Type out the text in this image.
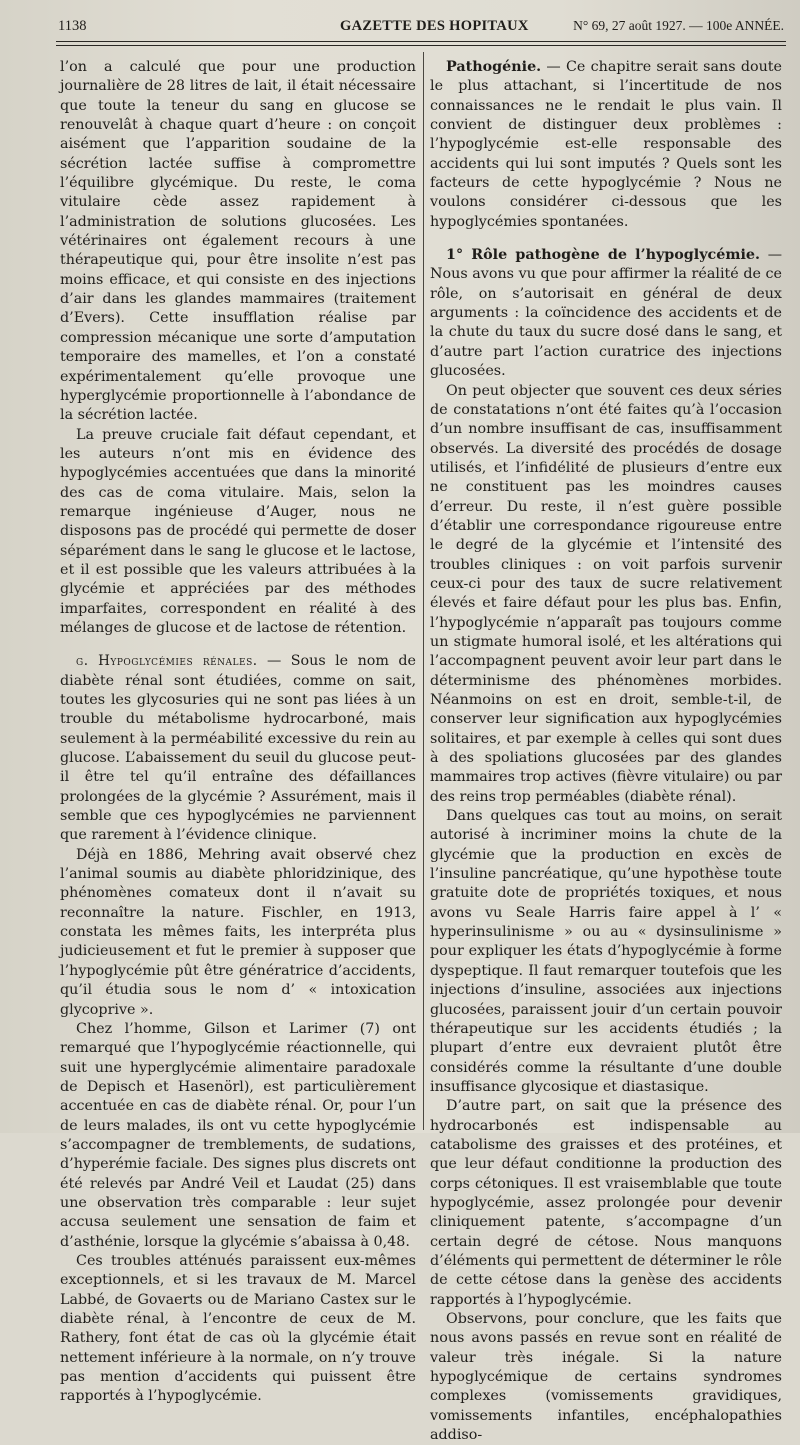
1138	GAZETTE DES HOPITAUX	N° 69, 27 août 1927. — 100e ANNÉE.

l’on a calculé que pour une production journalière de 28 litres de lait, il était nécessaire que toute la teneur du sang en glucose se renouvelât à chaque quart d’heure : on conçoit aisément que l’apparition soudaine de la sécrétion lactée suffise à compromettre l’équilibre glycémique. Du reste, le coma vitulaire cède assez rapidement à l’administration de solutions glucosées. Les vétérinaires ont également recours à une thérapeutique qui, pour être insolite n’est pas moins efficace, et qui consiste en des injections d’air dans les glandes mammaires (traitement d’Evers). Cette insufflation réalise par compression mécanique une sorte d’amputation temporaire des mamelles, et l’on a constaté expérimentalement qu’elle provoque une hyperglycémie proportionnelle à l’abondance de la sécrétion lactée.

La preuve cruciale fait défaut cependant, et les auteurs n’ont mis en évidence des hypoglycémies accentuées que dans la minorité des cas de coma vitulaire. Mais, selon la remarque ingénieuse d’Auger, nous ne disposons pas de procédé qui permette de doser séparément dans le sang le glucose et le lactose, et il est possible que les valeurs attribuées à la glycémie et appréciées par des méthodes imparfaites, correspondent en réalité à des mélanges de glucose et de lactose de rétention.

g. Hypoglycémies rénales. — Sous le nom de diabète rénal sont étudiées, comme on sait, toutes les glycosuries qui ne sont pas liées à un trouble du métabolisme hydrocarboné, mais seulement à la perméabilité excessive du rein au glucose. L’abaissement du seuil du glucose peut-il être tel qu’il entraîne des défaillances prolongées de la glycémie ? Assurément, mais il semble que ces hypoglycémies ne parviennent que rarement à l’évidence clinique.

Déjà en 1886, Mehring avait observé chez l’animal soumis au diabète phloridzinique, des phénomènes comateux dont il n’avait su reconnaître la nature. Fischler, en 1913, constata les mêmes faits, les interpréta plus judicieusement et fut le premier à supposer que l’hypoglycémie pût être génératrice d’accidents, qu’il étudia sous le nom d’ « intoxication glycoprive ».

Chez l’homme, Gilson et Larimer (7) ont remarqué que l’hypoglycémie réactionnelle, qui suit une hyperglycémie alimentaire paradoxale de Depisch et Hasenörl), est particulièrement accentuée en cas de diabète rénal. Or, pour l’un de leurs malades, ils ont vu cette hypoglycémie s’accompagner de tremblements, de sudations, d’hyperémie faciale. Des signes plus discrets ont été relevés par André Veil et Laudat (25) dans une observation très comparable : leur sujet accusa seulement une sensation de faim et d’asthénie, lorsque la glycémie s’abaissa à 0,48.

Ces troubles atténués paraissent eux-mêmes exceptionnels, et si les travaux de M. Marcel Labbé, de Govaerts ou de Mariano Castex sur le diabète rénal, à l’encontre de ceux de M. Rathery, font état de cas où la glycémie était nettement inférieure à la normale, on n’y trouve pas mention d’accidents qui puissent être rapportés à l’hypoglycémie.

Pathogénie. — Ce chapitre serait sans doute le plus attachant, si l’incertitude de nos connaissances ne le rendait le plus vain. Il convient de distinguer deux problèmes : l’hypoglycémie est-elle responsable des accidents qui lui sont imputés ? Quels sont les facteurs de cette hypoglycémie ? Nous ne voulons considérer ci-dessous que les hypoglycémies spontanées.

1° Rôle pathogène de l’hypoglycémie. — Nous avons vu que pour affirmer la réalité de ce rôle, on s’autorisait en général de deux arguments : la coïncidence des accidents et de la chute du taux du sucre dosé dans le sang, et d’autre part l’action curatrice des injections glucosées.

On peut objecter que souvent ces deux séries de constatations n’ont été faites qu’à l’occasion d’un nombre insuffisant de cas, insuffisamment observés. La diversité des procédés de dosage utilisés, et l’infidélité de plusieurs d’entre eux ne constituent pas les moindres causes d’erreur. Du reste, il n’est guère possible d’établir une correspondance rigoureuse entre le degré de la glycémie et l’intensité des troubles cliniques : on voit parfois survenir ceux-ci pour des taux de sucre relativement élevés et faire défaut pour les plus bas. Enfin, l’hypoglycémie n’apparaît pas toujours comme un stigmate humoral isolé, et les altérations qui l’accompagnent peuvent avoir leur part dans le déterminisme des phénomènes morbides. Néanmoins on est en droit, semble-t-il, de conserver leur signification aux hypoglycémies solitaires, et par exemple à celles qui sont dues à des spoliations glucosées par des glandes mammaires trop actives (fièvre vitulaire) ou par des reins trop perméables (diabète rénal).

Dans quelques cas tout au moins, on serait autorisé à incriminer moins la chute de la glycémie que la production en excès de l’insuline pancréatique, qu’une hypothèse toute gratuite dote de propriétés toxiques, et nous avons vu Seale Harris faire appel à l’ « hyperinsulinisme » ou au « dysinsulinisme » pour expliquer les états d’hypoglycémie à forme dyspeptique. Il faut remarquer toutefois que les injections d’insuline, associées aux injections glucosées, paraissent jouir d’un certain pouvoir thérapeutique sur les accidents étudiés ; la plupart d’entre eux devraient plutôt être considérés comme la résultante d’une double insuffisance glycosique et diastasique.

D’autre part, on sait que la présence des hydrocarbonés est indispensable au catabolisme des graisses et des protéines, et que leur défaut conditionne la production des corps cétoniques. Il est vraisemblable que toute hypoglycémie, assez prolongée pour devenir cliniquement patente, s’accompagne d’un certain degré de cétose. Nous manquons d’éléments qui permettent de déterminer le rôle de cette cétose dans la genèse des accidents rapportés à l’hypoglycémie.

Observons, pour conclure, que les faits que nous avons passés en revue sont en réalité de valeur très inégale. Si la nature hypoglycémique de certains syndromes complexes (vomissements gravidiques, vomissements infantiles, encéphalopathies addiso-
